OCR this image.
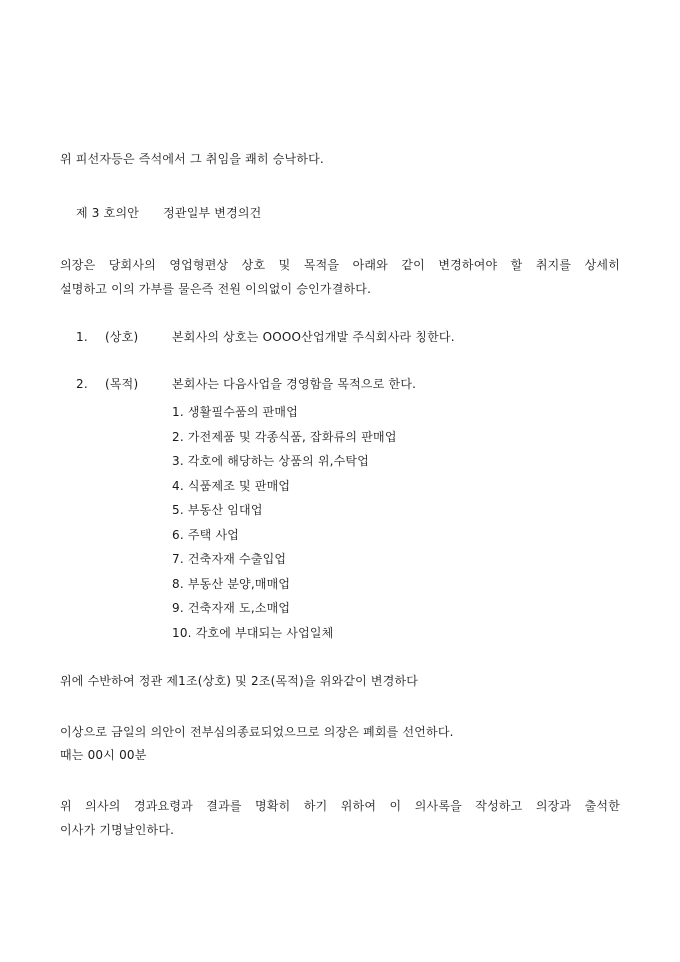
위 피선자등은 즉석에서 그 취임을 쾌히 승낙하다.
제 3 호의안      정관일부 변경의건
의장은 당회사의 영업형편상 상호 및 목적을 아래와 같이 변경하여야 할 취지를 상세히
설명하고 이의 가부를 물은즉 전원 이의없이 승인가결하다.
1. (상호)	본회사의 상호는 OOOO산업개발 주식회사라 칭한다.
2. (목적)	본회사는 다음사업을 경영함을 목적으로 한다.
1. 생활필수품의 판매업
2. 가전제품 및 각종식품, 잡화류의 판매업
3. 각호에 해당하는 상품의 위,수탁업
4. 식품제조 및 판매업
5. 부동산 임대업
6. 주택 사업
7. 건축자재 수출입업
8. 부동산 분양,매매업
9. 건축자재 도,소매업
10. 각호에 부대되는 사업일체
위에 수반하여 정관 제1조(상호) 및 2조(목적)을 위와같이 변경하다
이상으로 금일의 의안이 전부심의종료되었으므로 의장은 폐회를 선언하다.
때는 00시 00분
위 의사의 경과요령과 결과를 명확히 하기 위하여 이 의사록을 작성하고 의장과 출석한
이사가 기명날인하다.
